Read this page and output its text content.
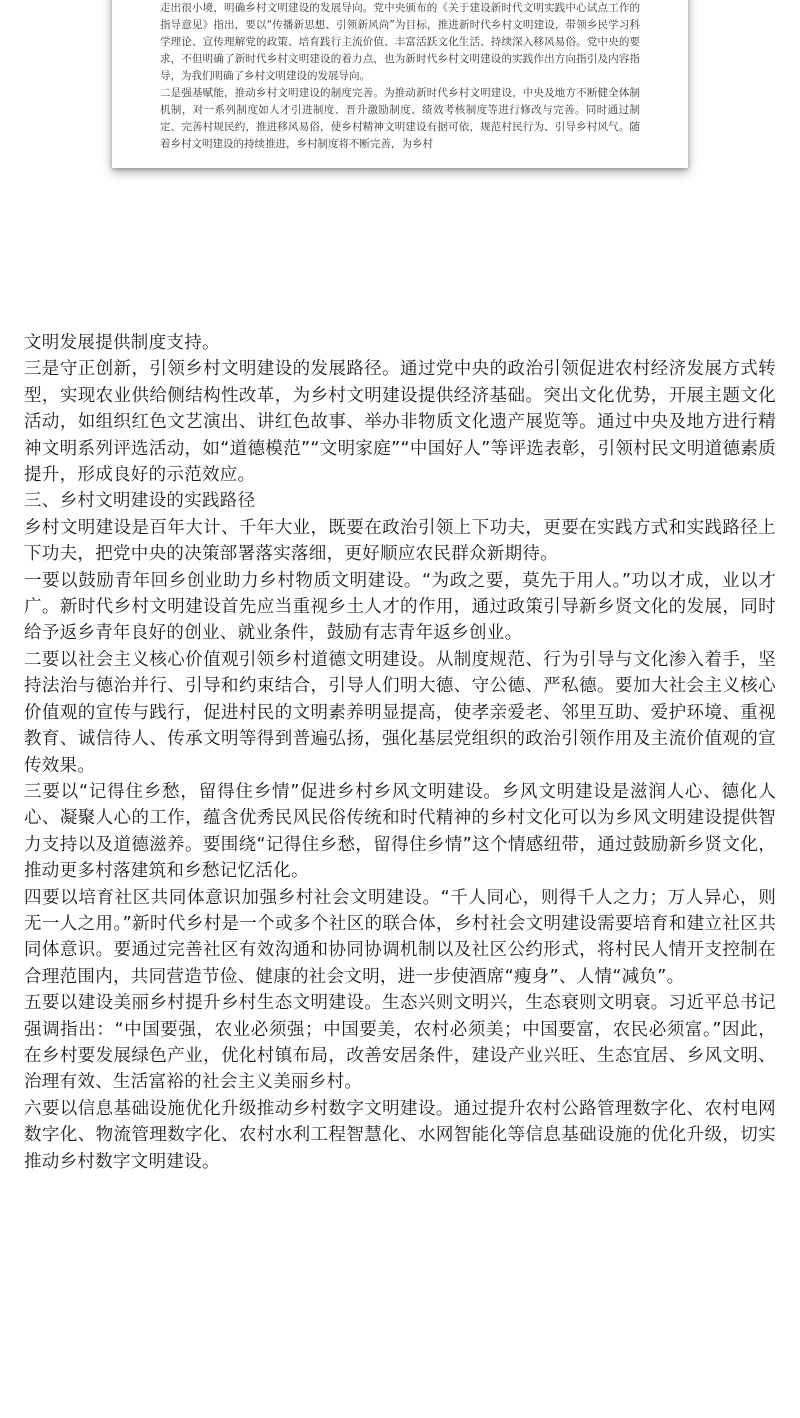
走出很小境，明确乡村文明建设的发展导向。党中央颁布的《关于建设新时代文明实践中心试点工作的指导意见》指出，要以“传播新思想、引领新风尚”为目标，推进新时代乡村文明建设，带领乡民学习科学理论、宣传理解党的政策、培育践行主流价值、丰富活跃文化生活、持续深入移风易俗。党中央的要求，不但明确了新时代乡村文明建设的着力点，也为新时代乡村文明建设的实践作出方向指引及内容指导，为我们明确了乡村文明建设的发展导向。

二是强基赋能，推动乡村文明建设的制度完善。为推动新时代乡村文明建设，中央及地方不断健全体制机制，对一系列制度如人才引进制度、晋升激励制度、绩效考核制度等进行修改与完善。同时通过制定、完善村规民约，推进移风易俗，使乡村精神文明建设有据可依，规范村民行为、引导乡村风气。随着乡村文明建设的持续推进，乡村制度将不断完善，为乡村

文明发展提供制度支持。

三是守正创新，引领乡村文明建设的发展路径。通过党中央的政治引领促进农村经济发展方式转型，实现农业供给侧结构性改革，为乡村文明建设提供经济基础。突出文化优势，开展主题文化活动，如组织红色文艺演出、讲红色故事、举办非物质文化遗产展览等。通过中央及地方进行精神文明系列评选活动，如“道德模范”“文明家庭”“中国好人”等评选表彰，引领村民文明道德素质提升，形成良好的示范效应。

三、乡村文明建设的实践路径

乡村文明建设是百年大计、千年大业，既要在政治引领上下功夫，更要在实践方式和实践路径上下功夫，把党中央的决策部署落实落细，更好顺应农民群众新期待。

一要以鼓励青年回乡创业助力乡村物质文明建设。“为政之要，莫先于用人。”功以才成，业以才广。新时代乡村文明建设首先应当重视乡土人才的作用，通过政策引导新乡贤文化的发展，同时给予返乡青年良好的创业、就业条件，鼓励有志青年返乡创业。

二要以社会主义核心价值观引领乡村道德文明建设。从制度规范、行为引导与文化渗入着手，坚持法治与德治并行、引导和约束结合，引导人们明大德、守公德、严私德。要加大社会主义核心价值观的宣传与践行，促进村民的文明素养明显提高，使孝亲爱老、邻里互助、爱护环境、重视教育、诚信待人、传承文明等得到普遍弘扬，强化基层党组织的政治引领作用及主流价值观的宣传效果。

三要以“记得住乡愁，留得住乡情”促进乡村乡风文明建设。乡风文明建设是滋润人心、德化人心、凝聚人心的工作，蕴含优秀民风民俗传统和时代精神的乡村文化可以为乡风文明建设提供智力支持以及道德滋养。要围绕“记得住乡愁，留得住乡情”这个情感纽带，通过鼓励新乡贤文化，推动更多村落建筑和乡愁记忆活化。

四要以培育社区共同体意识加强乡村社会文明建设。“千人同心，则得千人之力；万人异心，则无一人之用。”新时代乡村是一个或多个社区的联合体，乡村社会文明建设需要培育和建立社区共同体意识。要通过完善社区有效沟通和协同协调机制以及社区公约形式，将村民人情开支控制在合理范围内，共同营造节俭、健康的社会文明，进一步使酒席“瘦身”、人情“减负”。

五要以建设美丽乡村提升乡村生态文明建设。生态兴则文明兴，生态衰则文明衰。习近平总书记强调指出：“中国要强，农业必须强；中国要美，农村必须美；中国要富，农民必须富。”因此，在乡村要发展绿色产业，优化村镇布局，改善安居条件，建设产业兴旺、生态宜居、乡风文明、治理有效、生活富裕的社会主义美丽乡村。

六要以信息基础设施优化升级推动乡村数字文明建设。通过提升农村公路管理数字化、农村电网数字化、物流管理数字化、农村水利工程智慧化、水网智能化等信息基础设施的优化升级，切实推动乡村数字文明建设。
